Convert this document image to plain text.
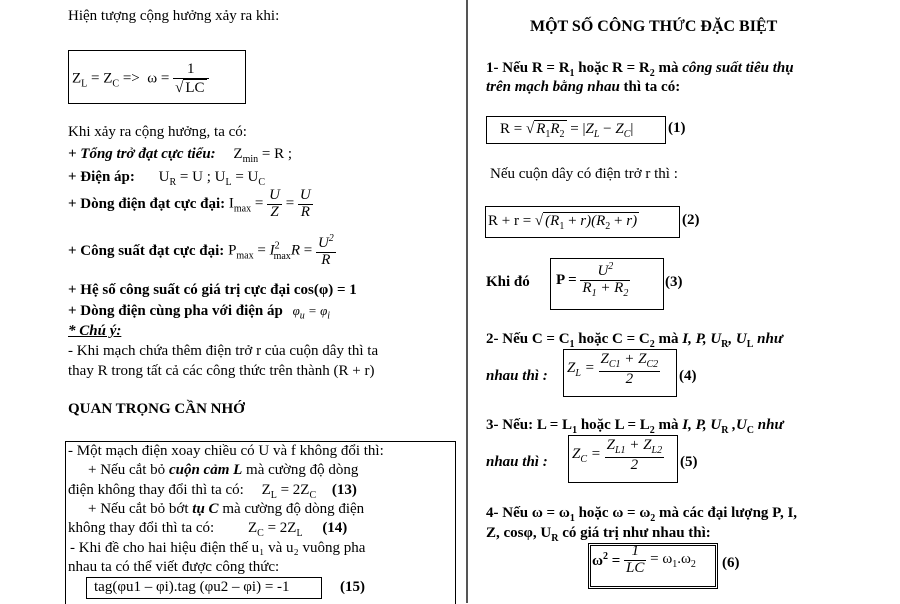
Hiện tượng cộng hưởng xảy ra khi:
$Z_L = Z_C => \omega = \frac{1}{√ LC}$
Khi xảy ra cộng hưởng, ta có:
+ Tổng trở đạt cực tiểu: $Z_{min} = R$ ;
+ Điện áp: $U_R = U$ ; $U_L = U_C$
+ Dòng điện đạt cực đại: $I_{max} = \frac{U}{Z} = \frac{U}{R}$
+ Công suất đạt cực đại: $P_{max} = I^2_{max}R = \frac{U^2}{R}$
+ Hệ số công suất có giá trị cực đại cos(φ) = 1
+ Dòng điện cùng pha với điện áp $\varphi_u = \varphi_i$
* Chú ý:
- Khi mạch chứa thêm điện trở r của cuộn dây thì ta
thay R trong tất cả các công thức trên thành (R + r)
QUAN TRỌNG CẦN NHỚ
- Một mạch điện xoay chiều có U và f không đổi thì:
+ Nếu cắt bỏ cuộn cảm L mà cường độ dòng
điện không thay đổi thì ta có: $Z_L = 2Z_C$ (13)
+ Nếu cắt bỏ bớt tụ C mà cường độ dòng điện
không thay đổi thì ta có: $Z_C = 2Z_L$ (14)
- Khi đề cho hai hiệu điện thế u₁ và u₂ vuông pha
nhau ta có thể viết được công thức:
tag(φu1 – φi).tag (φu2 – φi) = -1	(15)
MỘT SỐ CÔNG THỨC ĐẶC BIỆT
1- Nếu $R = R_1$ hoặc $R = R_2$ mà công suất tiêu thụ
trên mạch bằng nhau thì ta có:
R = √ $R_1R_2 = |Z_L - Z_C|$ (1)
Nếu cuộn dây có điện trở r thì :
R + r = √ $(R_1 + r)(R_2 + r)$	(2)
Khi đó $P = \frac{U^2}{R_1 + R_2} (3)$
2- Nếu $C = C_1$ hoặc $C = C_2$ mà I, P, $U_R$, $U_L$ như
nhau thì : $Z_L = \frac{Z_{C1} + Z_{C2}}{2} (4)$
3- Nếu: $L = L_1$ hoặc $L = L_2$ mà I, P, $U_R$ $,U_C$ như
nhau thì : $Z_C = \frac{Z_{L1} + Z_{L2}}{2} (5)$
4- Nếu $\omega = \omega_1$ hoặc $\omega = \omega_2$ mà các đại lượng P, I,
Z, cosφ, $U_R$ có giá trị như nhau thì:
$\omega^2 = \frac{1}{LC} = \omega_1.\omega_2$ (6)
